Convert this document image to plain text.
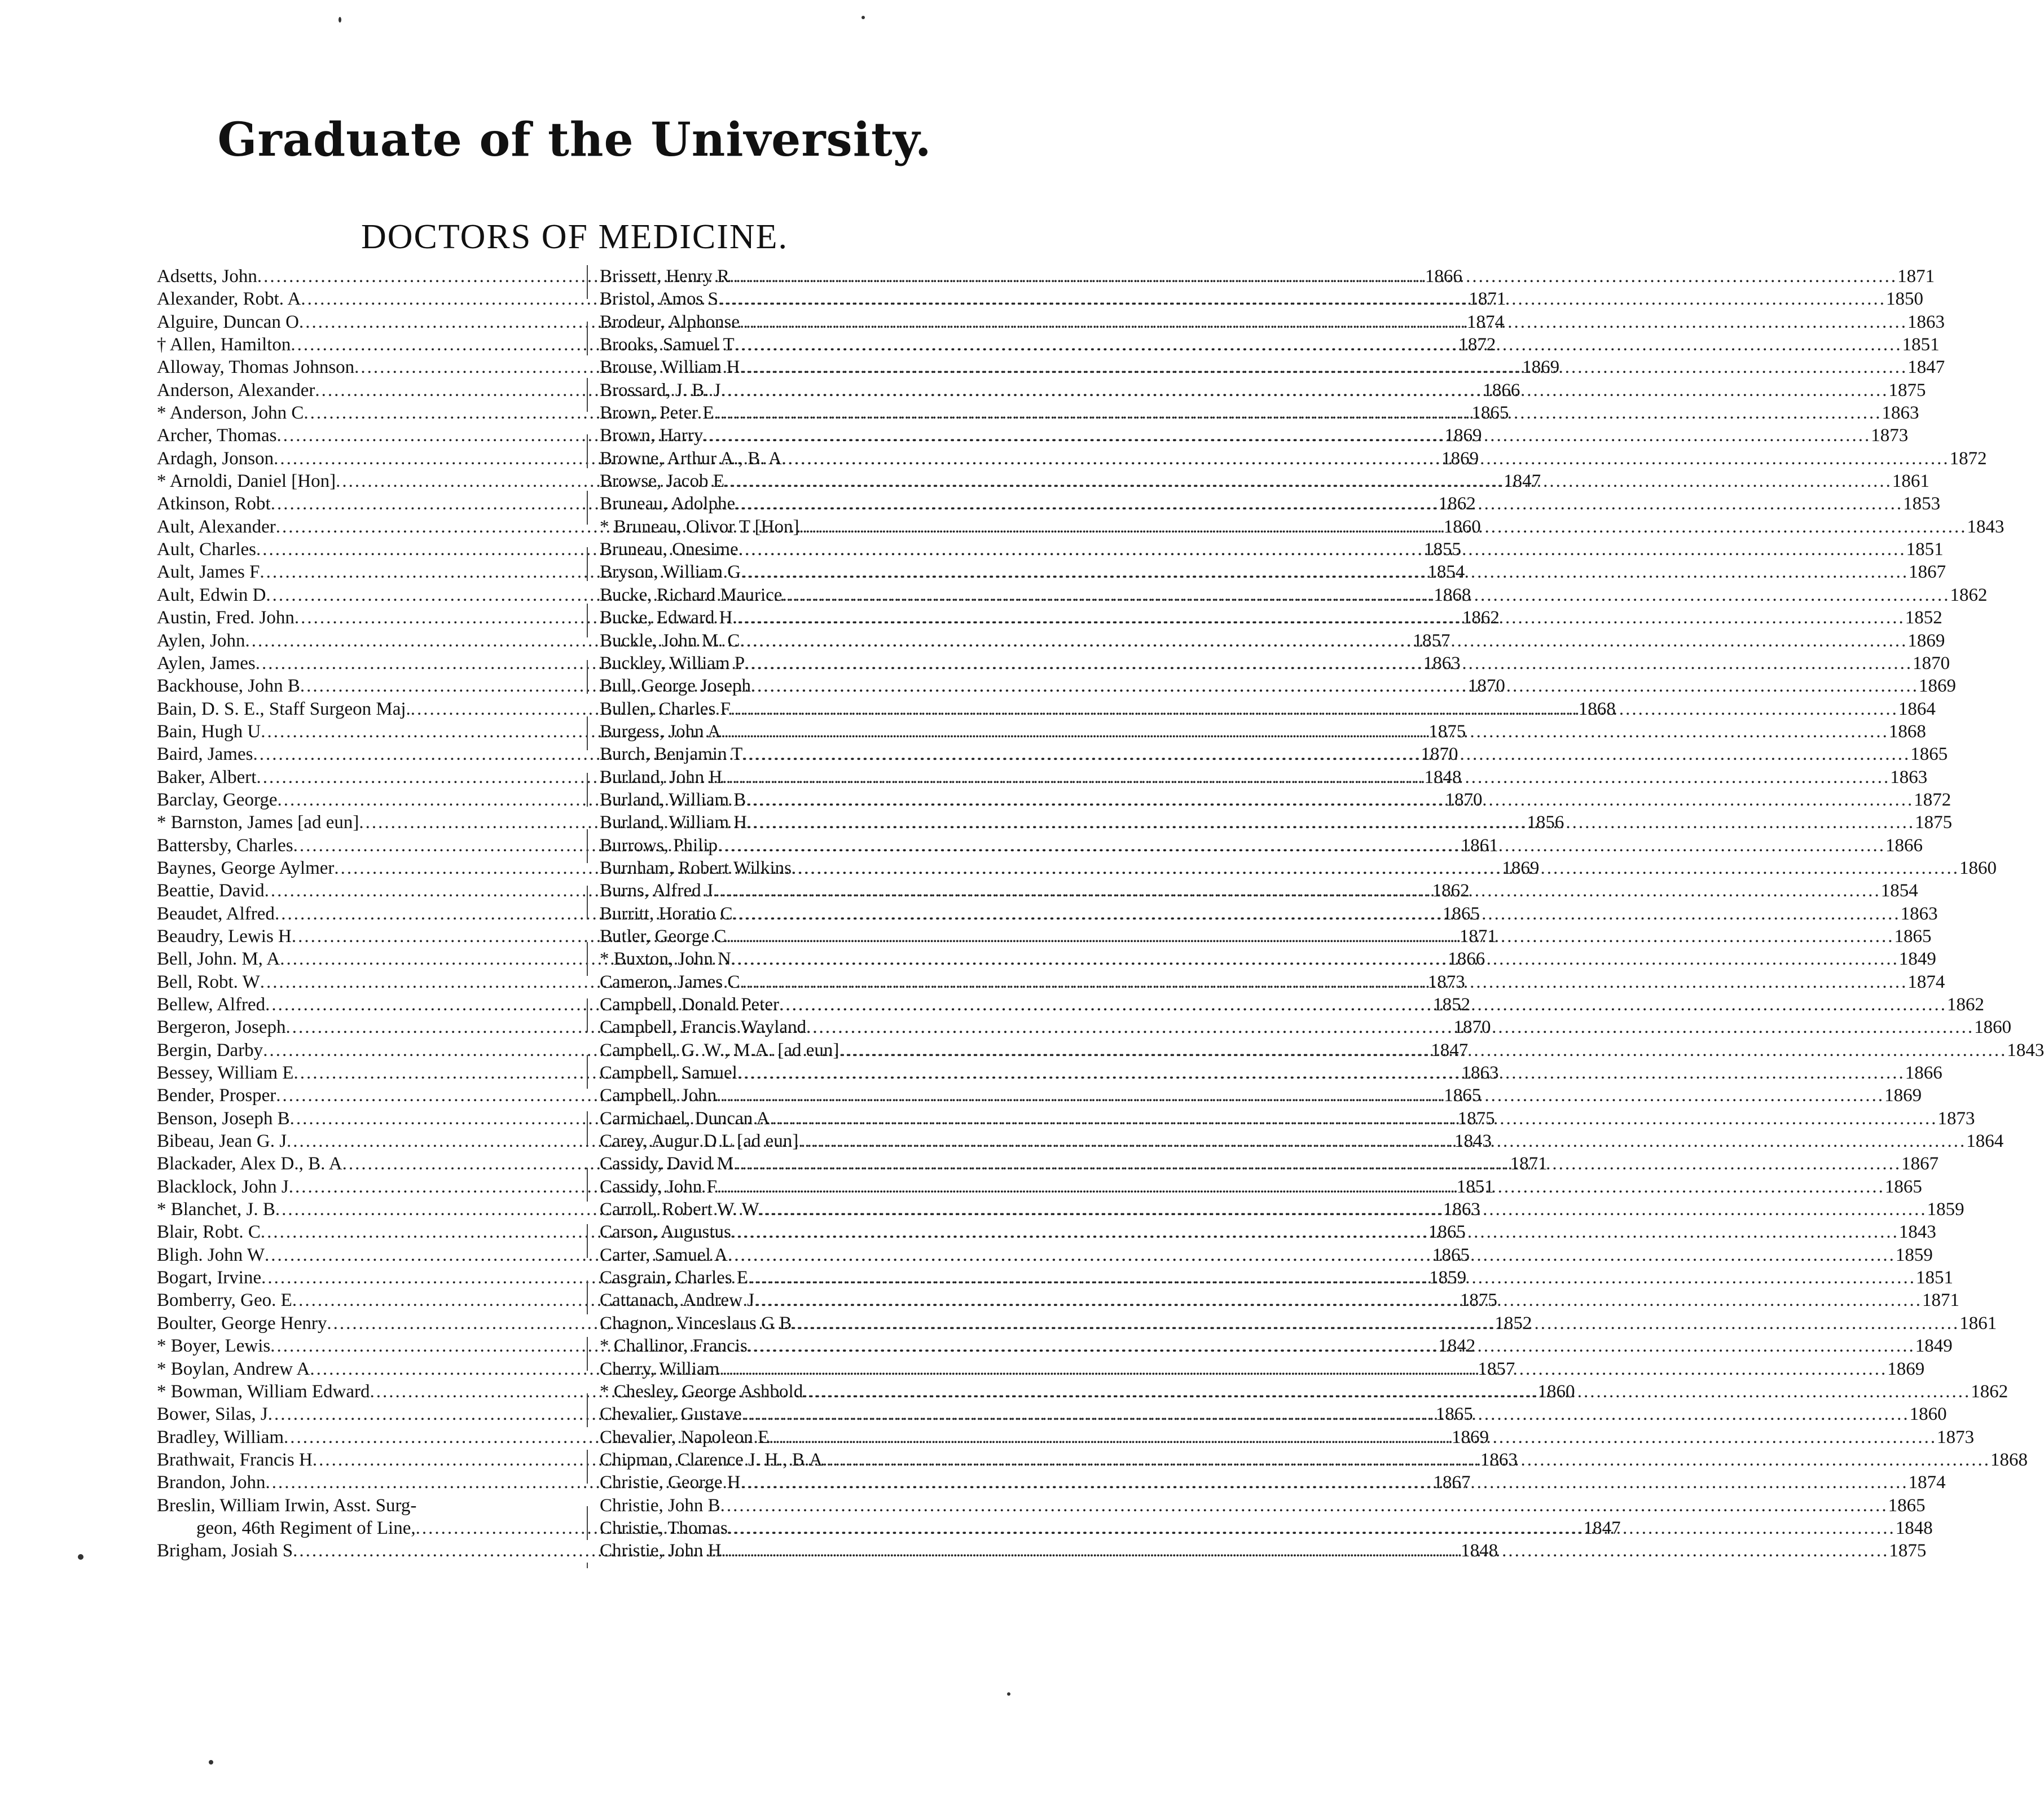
Graduate of the University.
DOCTORS OF MEDICINE.
Adsetts, John .....	1866
Alexander, Robt. A .....	1871
Alguire, Duncan O .....	1874
† Allen, Hamilton .....	1872
Alloway, Thomas Johnson .....	1869
Anderson, Alexander .....	1866
* Anderson, John C .....	1865
Archer, Thomas .....	1869
Ardagh, Jonson .....	1869
* Arnoldi, Daniel [Hon] .....	1847
Atkinson, Robt .....	1862
Ault, Alexander .....	1860
Ault, Charles .....	1855
Ault, James F .....	1854
Ault, Edwin D .....	1868
Austin, Fred. John .....	1862
Aylen, John .....	1857
Aylen, James .....	1863
Backhouse, John B .....	1870
Bain, D. S. E., Staff Surgeon Maj. .....	1868
Bain, Hugh U .....	1875
Baird, James .....	1870
Baker, Albert .....	1848
Barclay, George .....	1870
* Barnston, James [ad eun] .....	1856
Battersby, Charles .....	1861
Baynes, George Aylmer .....	1869
Beattie, David .....	1862
Beaudet, Alfred .....	1865
Beaudry, Lewis H .....	1871
Bell, John. M, A .....	1866
Bell, Robt. W .....	1873
Bellew, Alfred .....	1852
Bergeron, Joseph .....	1870
Bergin, Darby .....	1847
Bessey, William E .....	1863
Bender, Prosper .....	1865
Benson, Joseph B .....	1875
Bibeau, Jean G. J .....	1843
Blackader, Alex D., B. A .....	1871
Blacklock, John J .....	1851
* Blanchet, J. B .....	1863
Blair, Robt. C .....	1865
Bligh. John W .....	1865
Bogart, Irvine .....	1859
Bomberry, Geo. E .....	1875
Boulter, George Henry .....	1852
* Boyer, Lewis .....	1842
* Boylan, Andrew A .....	1857
* Bowman, William Edward .....	1860
Bower, Silas, J .....	1865
Bradley, William .....	1869
Brathwait, Francis H .....	1863
Brandon, John .....	1867
Breslin, William Irwin, Asst. Surg-
geon, 46th Regiment of Line, .....	1847
Brigham, Josiah S .....	1848
Brissett, Henry R .....	1871
Bristol, Amos S .....	1850
Brodeur, Alphonse .....	1863
Brooks, Samuel T .....	1851
Brouse, William H .....	1847
Brossard, J. B. J .....	1875
Brown, Peter E .....	1863
Brown, Harry .....	1873
Browne, Arthur A., B. A .....	1872
Browse, Jacob E .....	1861
Bruneau, Adolphe .....	1853
* Bruneau, Olivor T [Hon] .....	1843
Bruneau, Onesime .....	1851
Bryson, William G .....	1867
Bucke, Richard Maurice .....	1862
Bucke, Edward H. .....	1852
Buckle, John M. C .....	1869
Buckley, William P .....	1870
Bull, George Joseph .....	1869
Bullen, Charles F .....	1864
Burgess, John A .....	1868
Burch, Benjamin T .....	1865
Burland, John H .....	1863
Burland, William B .....	1872
Burland, William H .....	1875
Burrows, Philip .....	1866
Burnham, Robert Wilkins .....	1860
Burns, Alfred J .....	1854
Burritt, Horatio C .....	1863
Butler, George C .....	1865
* Buxton, John N .....	1849
Cameron, James C .....	1874
Campbell, Donald Peter .....	1862
Campbell, Francis Wayland .....	1860
Campbell, G. W., M.A. [ad eun] .....	1843
Campbell, Samuel .....	1866
Campbell, John .....	1869
Carmichael, Duncan A .....	1873
Carey, Augur D L [ad eun] .....	1864
Cassidy, David M .....	1867
Cassidy, John F .....	1865
Carroll, Robert W. W .....	1859
Carson, Augustus .....	1843
Carter, Samuel A .....	1859
Casgrain, Charles E .....	1851
Cattanach, Andrew J .....	1871
Chagnon, Vinceslaus G B .....	1861
* Challinor, Francis .....	1849
Cherry, William .....	1869
* Chesley, George Ashbold .....	1862
Chevalier, Gustave .....	1860
Chevalier, Napoleon E .....	1873
Chipman, Clarence J. H., B.A .....	1868
Christie, George H .....	1874
Christie, John B .....	1865
Christie, Thomas .....	1848
Christie, John H .....	1875
